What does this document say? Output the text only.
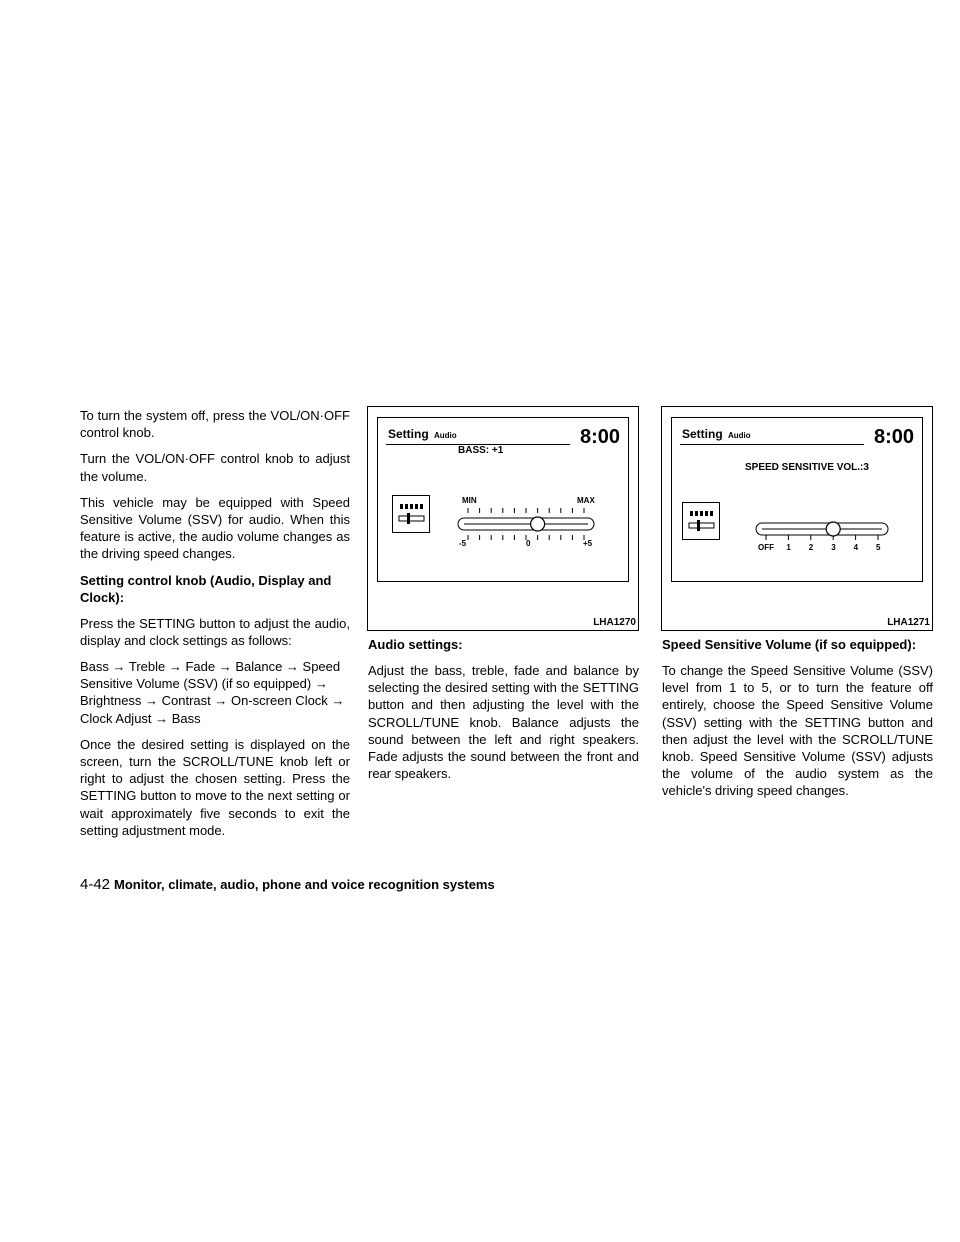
To turn the system off, press the VOL/ON·OFF control knob.

Turn the VOL/ON·OFF control knob to adjust the volume.

This vehicle may be equipped with Speed Sensitive Volume (SSV) for audio. When this feature is active, the audio volume changes as the driving speed changes.

Setting control knob (Audio, Display and Clock):

Press the SETTING button to adjust the audio, display and clock settings as follows:

Bass → Treble → Fade → Balance → Speed Sensitive Volume (SSV) (if so equipped) → Brightness → Contrast → On-screen Clock → Clock Adjust → Bass

Once the desired setting is displayed on the screen, turn the SCROLL/TUNE knob left or right to adjust the chosen setting. Press the SETTING button to move to the next setting or wait approximately five seconds to exit the setting adjustment mode.

Setting Audio	8:00
BASS: +1
MIN	MAX
-5	0	+5
LHA1270
Setting Audio	8:00
SPEED SENSITIVE VOL.:3
OFF 1 2 3 4 5
LHA1271
Audio settings:

Adjust the bass, treble, fade and balance by selecting the desired setting with the SETTING button and then adjusting the level with the SCROLL/TUNE knob. Balance adjusts the sound between the left and right speakers. Fade adjusts the sound between the front and rear speakers.

Speed Sensitive Volume (if so equipped):

To change the Speed Sensitive Volume (SSV) level from 1 to 5, or to turn the feature off entirely, choose the Speed Sensitive Volume (SSV) setting with the SETTING button and then adjust the level with the SCROLL/TUNE knob. Speed Sensitive Volume (SSV) adjusts the volume of the audio system as the vehicle's driving speed changes.

4-42 Monitor, climate, audio, phone and voice recognition systems
